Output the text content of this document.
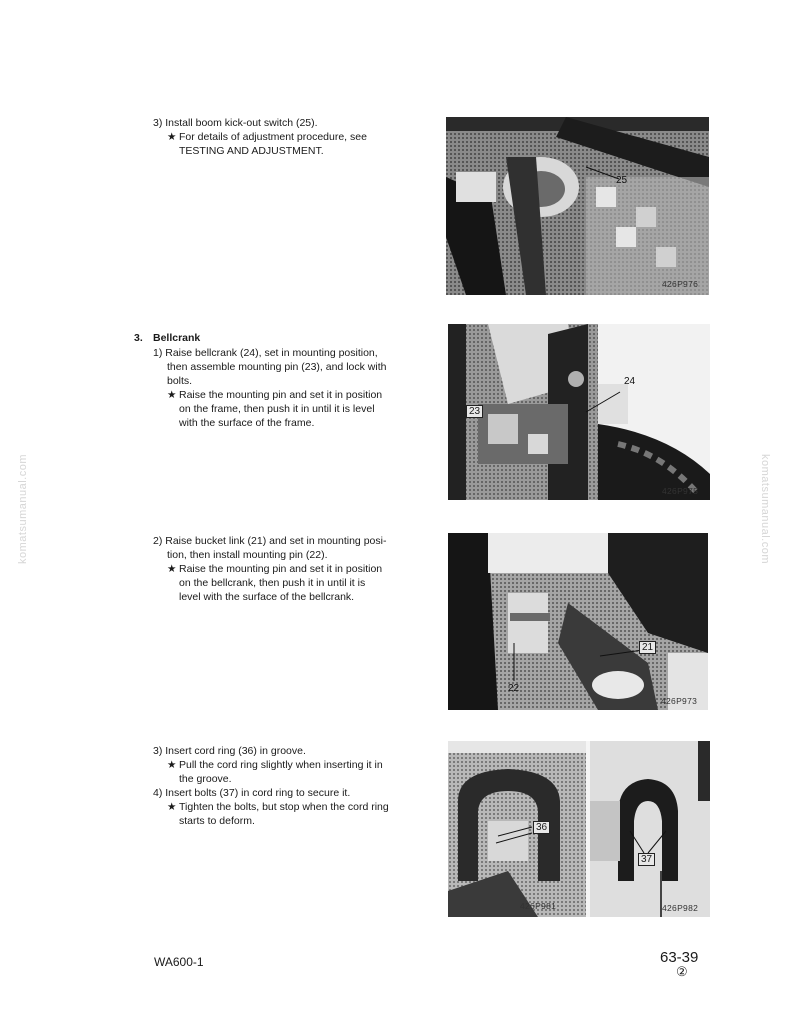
komatsumanual.com	komatsumanual.com
3) Install boom kick-out switch (25).
★ For details of adjustment procedure, see
TESTING AND ADJUSTMENT.
25
426P976
3. Bellcrank
1) Raise bellcrank (24), set in mounting position,
then assemble mounting pin (23), and lock with
bolts.
★ Raise the mounting pin and set it in position
on the frame, then push it in until it is level
with the surface of the frame.
24
23
426P975
2) Raise bucket link (21) and set in mounting posi-
tion, then install mounting pin (22).
★ Raise the mounting pin and set it in position
on the bellcrank, then push it in until it is
level with the surface of the bellcrank.
21
22
426P973
3) Insert cord ring (36) in groove.
★ Pull the cord ring slightly when inserting it in
the groove.
4) Insert bolts (37) in cord ring to secure it.
★ Tighten the bolts, but stop when the cord ring
starts to deform.
36
37
426P981	426P982
WA600-1	63-39
②
